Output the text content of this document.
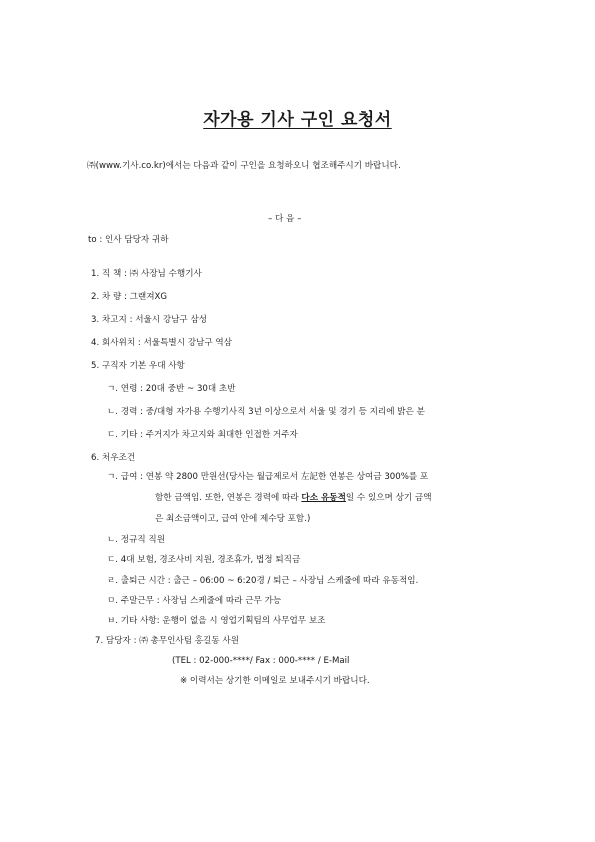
자가용 기사 구인 요청서
㈜(www.기사.co.kr)에서는 다음과 같이 구인을 요청하오니 협조해주시기 바랍니다.
– 다 음 –
to : 인사 담당자 귀하
1. 직 책 : ㈜ 사장님 수행기사
2. 차 량 : 그랜져XG
3. 차고지 : 서울시 강남구 삼성
4. 회사위치 : 서울특별시 강남구 역삼
5. 구직자 기본 우대 사항
ㄱ. 연령 : 20대 중반 ~ 30대 초반
ㄴ. 경력 : 중/대형 자가용 수행기사직 3년 이상으로서 서울 및 경기 등 지리에 밝은 분
ㄷ. 기타 : 주거지가 차고지와 최대한 인접한 거주자
6. 처우조건
ㄱ. 급여 : 연봉 약 2800 만원선(당사는 월급제로서 左記한 연봉은 상여금 300%를 포
함한 금액임. 또한, 연봉은 경력에 따라 다소 유동적일 수 있으며 상기 금액
은 최소금액이고, 급여 안에 제수당 포함.)
ㄴ. 정규직 직원
ㄷ. 4대 보험, 경조사비 지원, 경조휴가, 법정 퇴직금
ㄹ. 출퇴근 시간 : 출근 – 06:00 ~ 6:20경 / 퇴근 – 사장님 스케줄에 따라 유동적임.
ㅁ. 주말근무 : 사장님 스케줄에 따라 근무 가능
ㅂ. 기타 사항: 운행이 없을 시 영업기획팀의 사무업무 보조
7. 담당자 : ㈜ 총무인사팀 홍길동 사원
(TEL : 02-000-****/ Fax : 000-**** / E-Mail
※ 이력서는 상기한 이메일로 보내주시기 바랍니다.
